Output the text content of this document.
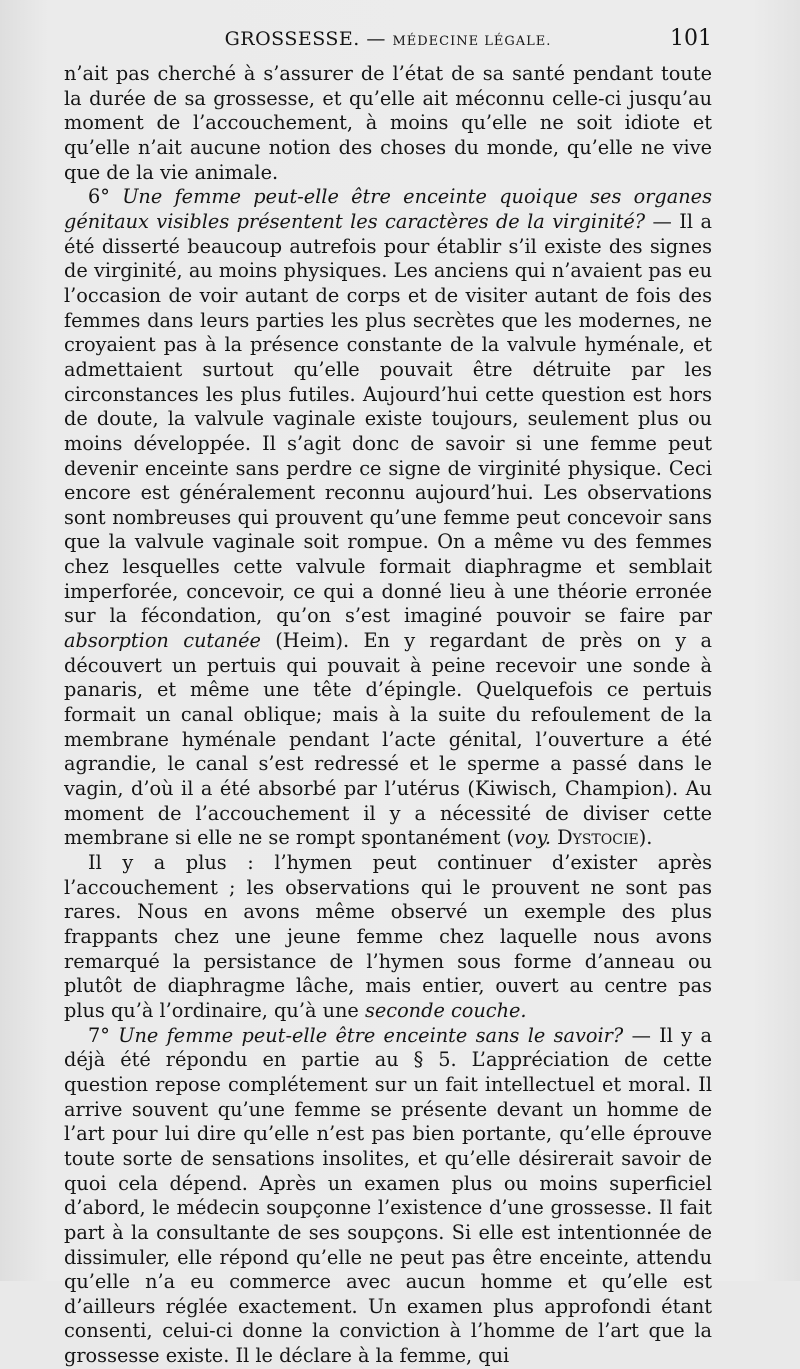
GROSSESSE. — MÉDECINE LÉGALE.	101

n’ait pas cherché à s’assurer de l’état de sa santé pendant toute la durée de sa grossesse, et qu’elle ait méconnu celle-ci jusqu’au moment de l’accouchement, à moins qu’elle ne soit idiote et qu’elle n’ait aucune notion des choses du monde, qu’elle ne vive que de la vie animale.

6° Une femme peut-elle être enceinte quoique ses organes génitaux visibles présentent les caractères de la virginité? — Il a été disserté beaucoup autrefois pour établir s’il existe des signes de virginité, au moins physiques. Les anciens qui n’avaient pas eu l’occasion de voir autant de corps et de visiter autant de fois des femmes dans leurs parties les plus secrètes que les modernes, ne croyaient pas à la présence constante de la valvule hyménale, et admettaient surtout qu’elle pouvait être détruite par les circonstances les plus futiles. Aujourd’hui cette question est hors de doute, la valvule vaginale existe toujours, seulement plus ou moins développée. Il s’agit donc de savoir si une femme peut devenir enceinte sans perdre ce signe de virginité physique. Ceci encore est généralement reconnu aujourd’hui. Les observations sont nombreuses qui prouvent qu’une femme peut concevoir sans que la valvule vaginale soit rompue. On a même vu des femmes chez lesquelles cette valvule formait diaphragme et semblait imperforée, concevoir, ce qui a donné lieu à une théorie erronée sur la fécondation, qu’on s’est imaginé pouvoir se faire par absorption cutanée (Heim). En y regardant de près on y a découvert un pertuis qui pouvait à peine recevoir une sonde à panaris, et même une tête d’épingle. Quelquefois ce pertuis formait un canal oblique; mais à la suite du refoulement de la membrane hyménale pendant l’acte génital, l’ouverture a été agrandie, le canal s’est redressé et le sperme a passé dans le vagin, d’où il a été absorbé par l’utérus (Kiwisch, Champion). Au moment de l’accouchement il y a nécessité de diviser cette membrane si elle ne se rompt spontanément (voy. Dystocie).

Il y a plus : l’hymen peut continuer d’exister après l’accouchement ; les observations qui le prouvent ne sont pas rares. Nous en avons même observé un exemple des plus frappants chez une jeune femme chez laquelle nous avons remarqué la persistance de l’hymen sous forme d’anneau ou plutôt de diaphragme lâche, mais entier, ouvert au centre pas plus qu’à l’ordinaire, qu’à une seconde couche.

7° Une femme peut-elle être enceinte sans le savoir? — Il y a déjà été répondu en partie au § 5. L’appréciation de cette question repose complétement sur un fait intellectuel et moral. Il arrive souvent qu’une femme se présente devant un homme de l’art pour lui dire qu’elle n’est pas bien portante, qu’elle éprouve toute sorte de sensations insolites, et qu’elle désirerait savoir de quoi cela dépend. Après un examen plus ou moins superficiel d’abord, le médecin soupçonne l’existence d’une grossesse. Il fait part à la consultante de ses soupçons. Si elle est intentionnée de dissimuler, elle répond qu’elle ne peut pas être enceinte, attendu qu’elle n’a eu commerce avec aucun homme et qu’elle est d’ailleurs réglée exactement. Un examen plus approfondi étant consenti, celui-ci donne la conviction à l’homme de l’art que la grossesse existe. Il le déclare à la femme, qui
